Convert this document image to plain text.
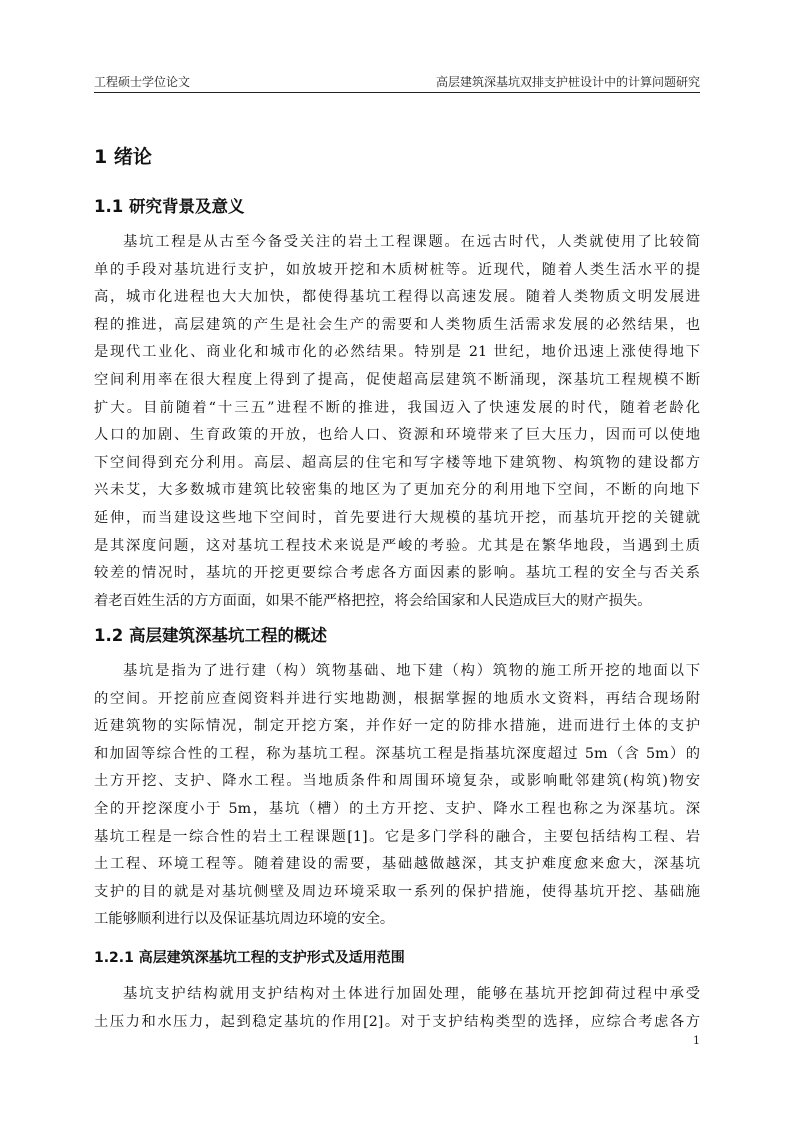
工程硕士学位论文	高层建筑深基坑双排支护桩设计中的计算问题研究
1 绪论
1.1 研究背景及意义

基坑工程是从古至今备受关注的岩土工程课题。在远古时代，人类就使用了比较简
单的手段对基坑进行支护，如放坡开挖和木质树桩等。近现代，随着人类生活水平的提
高，城市化进程也大大加快，都使得基坑工程得以高速发展。随着人类物质文明发展进
程的推进，高层建筑的产生是社会生产的需要和人类物质生活需求发展的必然结果，也
是现代工业化、商业化和城市化的必然结果。特别是 21 世纪，地价迅速上涨使得地下
空间利用率在很大程度上得到了提高，促使超高层建筑不断涌现，深基坑工程规模不断
扩大。目前随着“十三五”进程不断的推进，我国迈入了快速发展的时代，随着老龄化
人口的加剧、生育政策的开放，也给人口、资源和环境带来了巨大压力，因而可以使地
下空间得到充分利用。高层、超高层的住宅和写字楼等地下建筑物、构筑物的建设都方
兴未艾，大多数城市建筑比较密集的地区为了更加充分的利用地下空间，不断的向地下
延伸，而当建设这些地下空间时，首先要进行大规模的基坑开挖，而基坑开挖的关键就
是其深度问题，这对基坑工程技术来说是严峻的考验。尤其是在繁华地段，当遇到土质
较差的情况时，基坑的开挖更要综合考虑各方面因素的影响。基坑工程的安全与否关系
着老百姓生活的方方面面，如果不能严格把控，将会给国家和人民造成巨大的财产损失。

1.2 高层建筑深基坑工程的概述

基坑是指为了进行建（构）筑物基础、地下建（构）筑物的施工所开挖的地面以下
的空间。开挖前应查阅资料并进行实地勘测，根据掌握的地质水文资料，再结合现场附
近建筑物的实际情况，制定开挖方案，并作好一定的防排水措施，进而进行土体的支护
和加固等综合性的工程，称为基坑工程。深基坑工程是指基坑深度超过 5m（含 5m）的
土方开挖、支护、降水工程。当地质条件和周围环境复杂，或影响毗邻建筑(构筑)物安
全的开挖深度小于 5m，基坑（槽）的土方开挖、支护、降水工程也称之为深基坑。深
基坑工程是一综合性的岩土工程课题[1]。它是多门学科的融合，主要包括结构工程、岩
土工程、环境工程等。随着建设的需要，基础越做越深，其支护难度愈来愈大，深基坑
支护的目的就是对基坑侧壁及周边环境采取一系列的保护措施，使得基坑开挖、基础施
工能够顺利进行以及保证基坑周边环境的安全。

1.2.1 高层建筑深基坑工程的支护形式及适用范围

基坑支护结构就用支护结构对土体进行加固处理，能够在基坑开挖卸荷过程中承受
土压力和水压力，起到稳定基坑的作用[2]。对于支护结构类型的选择，应综合考虑各方

1
